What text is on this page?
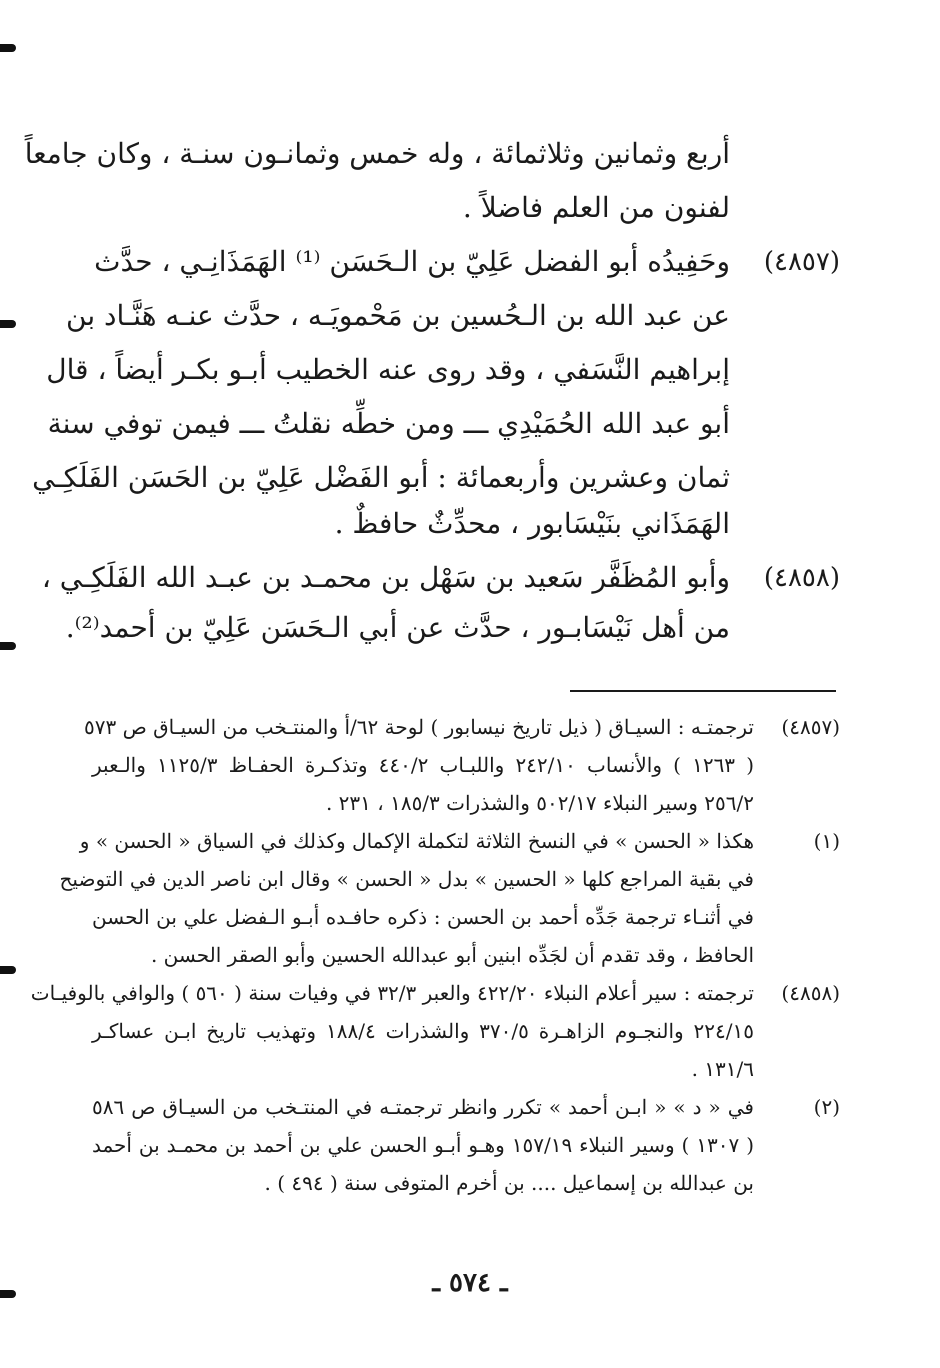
أربع وثمانين وثلاثمائة ، وله خمس وثمانـون سنـة ، وكان جامعاً
لفنون من العلم فاضلاً .
(٤٨٥٧)
وحَفِيدُه أبو الفضل عَلِيّ بن الـحَسَن ⁽¹⁾ الهَمَذَانِـي ، حدَّث
عن عبد الله بن الـحُسين بن مَحْمويَـه ، حدَّث عنـه هَنَّـاد بن
إبراهيم النَّسَفي ، وقد روى عنه الخطيب أبـو بكـر أيضاً ، قال
أبو عبد الله الحُمَيْدِي ـــ ومن خطِّه نقلتُ ـــ فيمن توفي سنة
ثمان وعشرين وأربعمائة : أبو الفَضْل عَلِيّ بن الحَسَن الفَلَكِـي
الهَمَذَاني بنَيْسَابور ، محدِّثٌ حافظٌ .
(٤٨٥٨)
وأبو المُظَفَّر سَعيد بن سَهْل بن محمـد بن عبـد الله الفَلَكِـي ،
من أهل نَيْسَابـور ، حدَّث عن أبي الـحَسَن عَلِيّ بن أحمد⁽²⁾.
(٤٨٥٧)
ترجمتـه : السيـاق ( ذيل تاريخ نيسابور ) لوحة ٦٢/أ والمنتـخب من السيـاق ص ٥٧٣
( ١٢٦٣ ) والأنساب ٢٤٢/١٠ واللبـاب ٤٤٠/٢ وتذكـرة الحفـاظ ١١٢٥/٣ والـعبر
٢٥٦/٢ وسير النبلاء ٥٠٢/١٧ والشذرات ١٨٥/٣ ، ٢٣١ .
(١)
هكذا « الحسن » في النسخ الثلاثة لتكملة الإكمال وكذلك في السياق « الحسن » و
في بقية المراجع كلها « الحسين » بدل « الحسن » وقال ابن ناصر الدين في التوضيح
في أثنـاء ترجمة جَدِّه أحمد بن الحسن : ذكره حافـده أبـو الـفضل علي بن الحسن
الحافظ ، وقد تقدم أن لجَدِّه ابنين أبو عبدالله الحسين وأبو الصقر الحسن .
(٤٨٥٨)
ترجمته : سير أعلام النبلاء ٤٢٢/٢٠ والعبر ٣٢/٣ في وفيات سنة ( ٥٦٠ ) والوافي بالوفيـات
٢٢٤/١٥ والنجـوم الزاهـرة ٣٧٠/٥ والشذرات ١٨٨/٤ وتهذيب تاريخ ابـن عساكـر
١٣١/٦ .
(٢)
في « د » « ابـن أحمد » تكرر وانظر ترجمتـه في المنتـخب من السيـاق ص ٥٨٦
( ١٣٠٧ ) وسير النبلاء ١٥٧/١٩ وهـو أبـو الحسن علي بن أحمد بن محمـد بن أحمد
بن عبدالله بن إسماعيل .... بن أخرم المتوفى سنة ( ٤٩٤ ) .
ـ ٥٧٤ ـ
